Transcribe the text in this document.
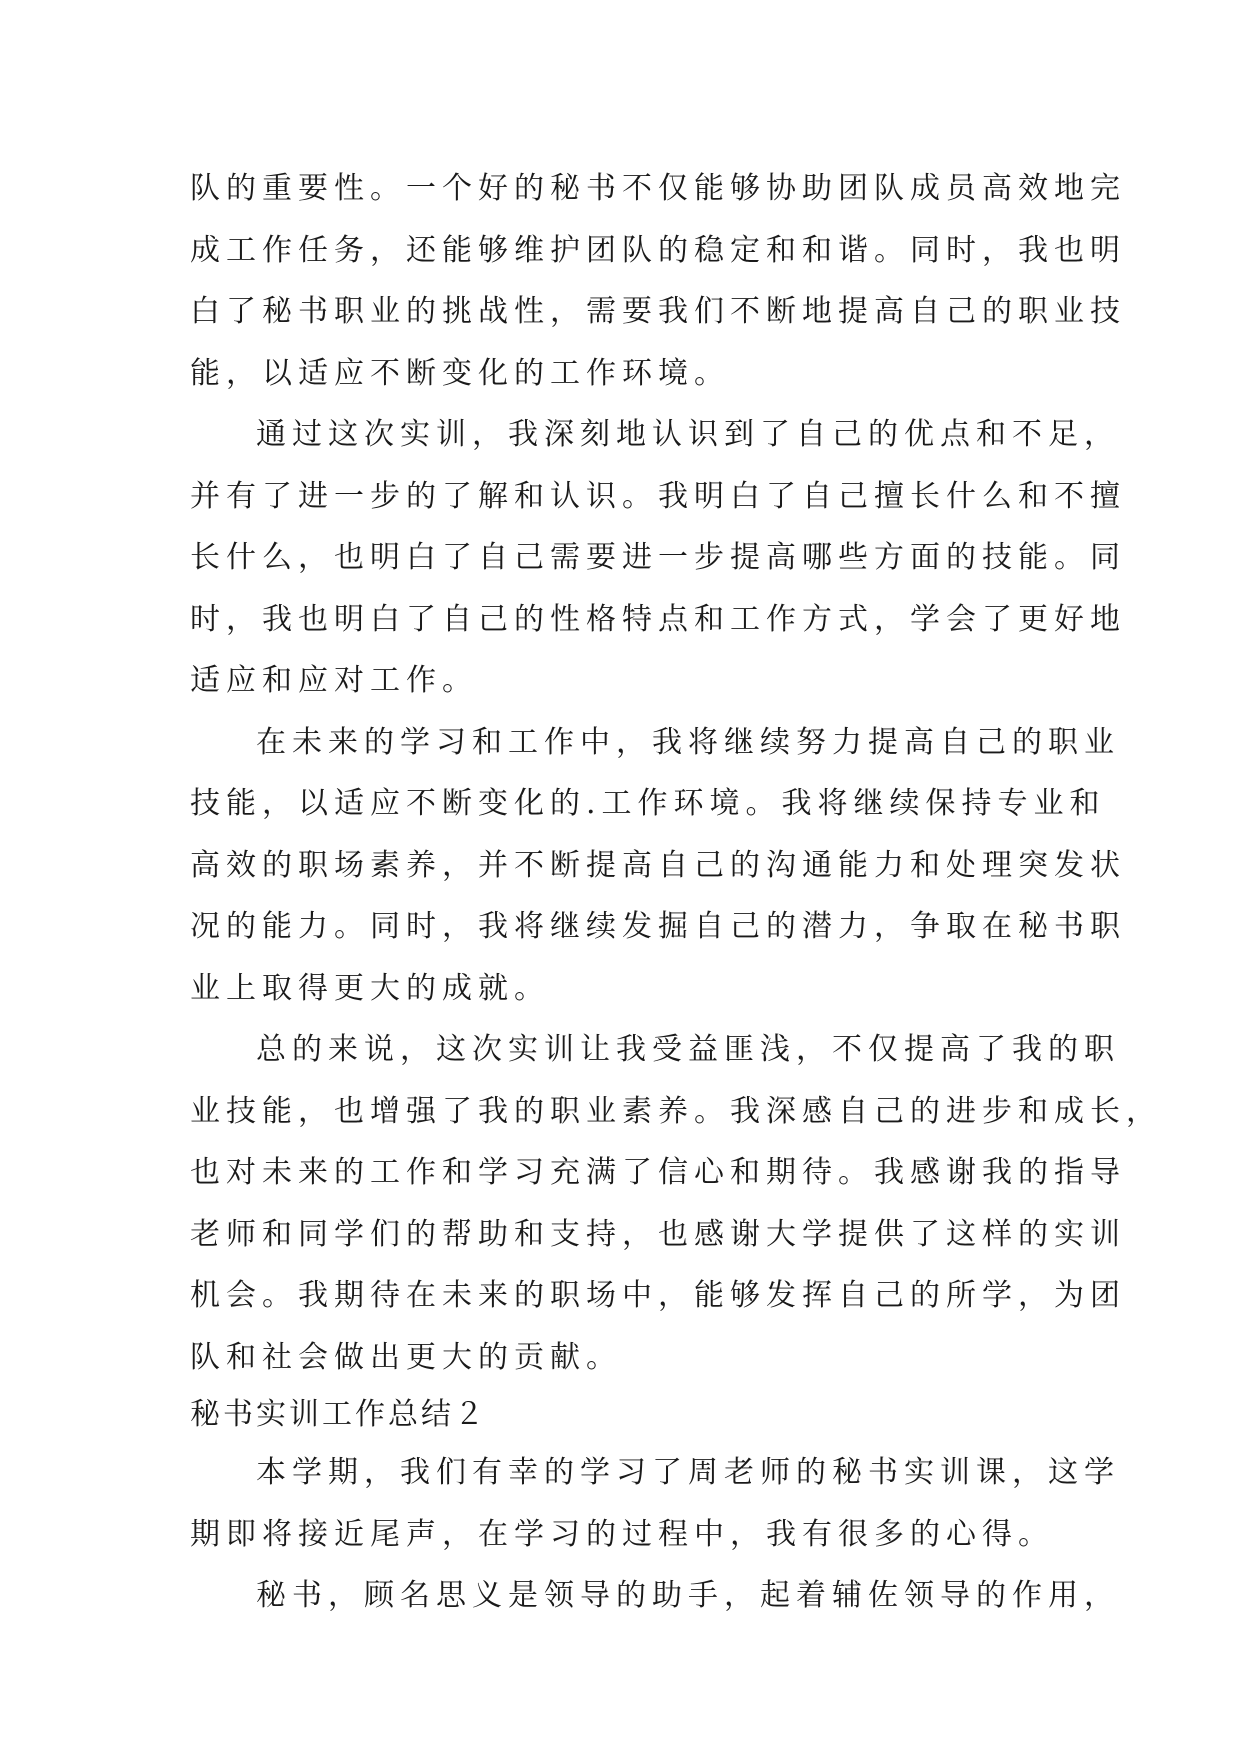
队的重要性。一个好的秘书不仅能够协助团队成员高效地完
成工作任务，还能够维护团队的稳定和和谐。同时，我也明
白了秘书职业的挑战性，需要我们不断地提高自己的职业技
能，以适应不断变化的工作环境。
通过这次实训，我深刻地认识到了自己的优点和不足，
并有了进一步的了解和认识。我明白了自己擅长什么和不擅
长什么，也明白了自己需要进一步提高哪些方面的技能。同
时，我也明白了自己的性格特点和工作方式，学会了更好地
适应和应对工作。
在未来的学习和工作中，我将继续努力提高自己的职业
技能，以适应不断变化的.工作环境。我将继续保持专业和
高效的职场素养，并不断提高自己的沟通能力和处理突发状
况的能力。同时，我将继续发掘自己的潜力，争取在秘书职
业上取得更大的成就。
总的来说，这次实训让我受益匪浅，不仅提高了我的职
业技能，也增强了我的职业素养。我深感自己的进步和成长，
也对未来的工作和学习充满了信心和期待。我感谢我的指导
老师和同学们的帮助和支持，也感谢大学提供了这样的实训
机会。我期待在未来的职场中，能够发挥自己的所学，为团
队和社会做出更大的贡献。
秘书实训工作总结２
本学期，我们有幸的学习了周老师的秘书实训课，这学
期即将接近尾声，在学习的过程中，我有很多的心得。
秘书，顾名思义是领导的助手，起着辅佐领导的作用，
